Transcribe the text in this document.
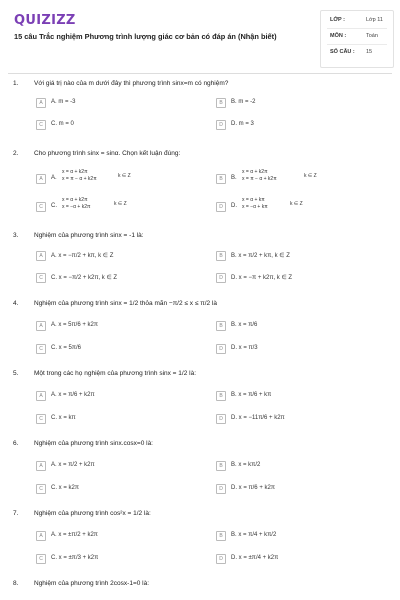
QUIZIZZ
15 câu Trắc nghiệm Phương trình lượng giác cơ bản có đáp án (Nhận biết)
LỚP :	Lớp 11
MÔN :	Toán
SỐ CÂU : 15
1. Với giá trị nào của m dưới đây thì phương trình sinx=m có nghiệm?
A	A. m = -3	B	B. m = -2
C	C. m = 0	D	D. m = 3
2. Cho phương trình sinx = sinα. Chọn kết luận đúng:
A	A.
x = α + k2π
x = π − α + k2π	k ∈ Z	B	B.
x = α + k2π
x = π − α + k2π	k ∈ Z
C	C.
x = α + k2π
x = −α + k2π	k ∈ Z	D	D.
x = α + kπ
x = −α + kπ	k ∈ Z
3. Nghiệm của phương trình sinx = -1 là:
A	A. x = −π/2 + kπ, k ∈ Z	B	B. x = π/2 + kπ, k ∈ Z
C	C. x = −π/2 + k2π, k ∈ Z	D	D. x = −π + k2π, k ∈ Z
4. Nghiệm của phương trình sinx = 1/2 thỏa mãn −π/2 ≤ x ≤ π/2 là
A	A. x = 5π/6 + k2π	B	B. x = π/6
C	C. x = 5π/6	D	D. x = π/3
5. Một trong các họ nghiệm của phương trình sinx = 1/2 là:
A	A. x = π/6 + k2π	B	B. x = π/6 + kπ
C	C. x = kπ	D	D. x = −11π/6 + k2π
6. Nghiệm của phương trình sinx.cosx=0 là:
A	A. x = π/2 + k2π	B	B. x = kπ/2
C	C. x = k2π	D	D. x = π/6 + k2π
7. Nghiệm của phương trình cos²x = 1/2 là:
A	A. x = ±π/2 + k2π	B	B. x = π/4 + kπ/2
C	C. x = ±π/3 + k2π	D	D. x = ±π/4 + k2π
8. Nghiệm của phương trình 2cosx-1=0 là:
